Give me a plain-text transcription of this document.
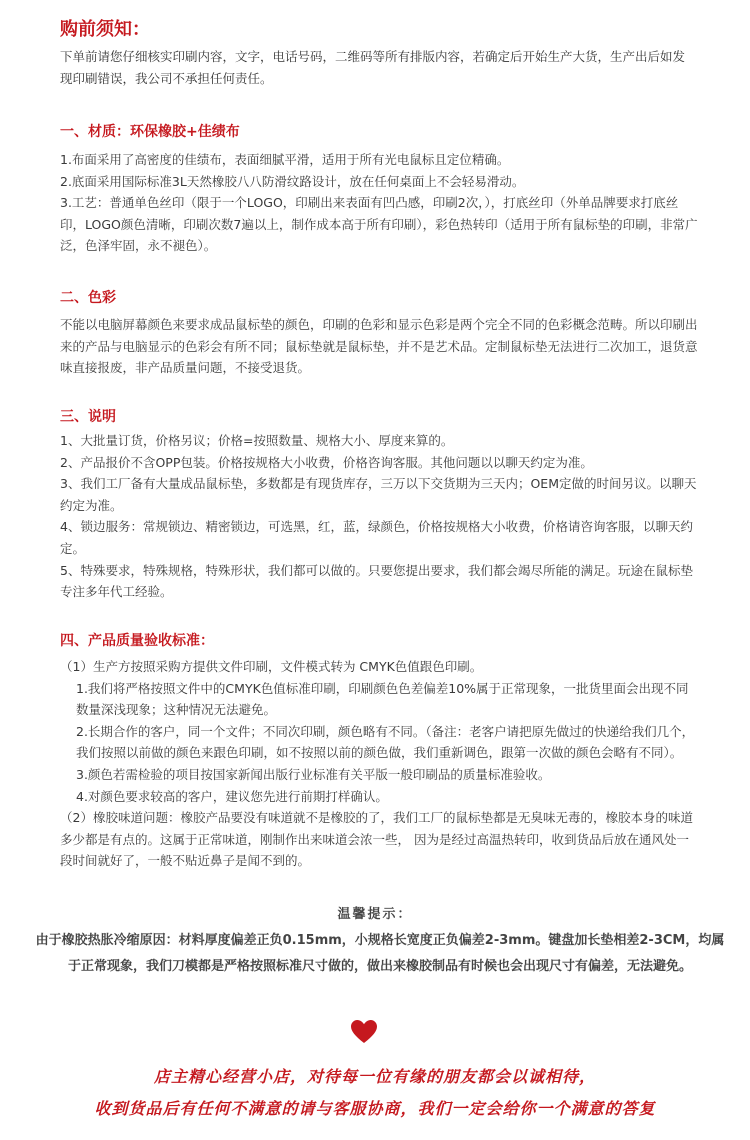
购前须知：
下单前请您仔细核实印刷内容，文字，电话号码，二维码等所有排版内容，若确定后开始生产大货，生产出后如发现印刷错误，我公司不承担任何责任。
一、材质：环保橡胶+佳绩布

1.布面采用了高密度的佳绩布，表面细腻平滑，适用于所有光电鼠标且定位精确。

2.底面采用国际标准3L天然橡胶八八防滑纹路设计，放在任何桌面上不会轻易滑动。

3.工艺：普通单色丝印（限于一个LOGO，印刷出来表面有凹凸感，印刷2次，），打底丝印（外单品牌要求打底丝印，LOGO颜色清晰，印刷次数7遍以上，制作成本高于所有印刷），彩色热转印（适用于所有鼠标垫的印刷，非常广泛，色泽牢固，永不褪色）。

二、色彩

不能以电脑屏幕颜色来要求成品鼠标垫的颜色，印刷的色彩和显示色彩是两个完全不同的色彩概念范畴。所以印刷出来的产品与电脑显示的色彩会有所不同；鼠标垫就是鼠标垫，并不是艺术品。定制鼠标垫无法进行二次加工，退货意味直接报废，非产品质量问题，不接受退货。

三、说明

1、大批量订货，价格另议；价格=按照数量、规格大小、厚度来算的。

2、产品报价不含OPP包装。价格按规格大小收费，价格咨询客服。其他问题以以聊天约定为准。

3、我们工厂备有大量成品鼠标垫，多数都是有现货库存，三万以下交货期为三天内；OEM定做的时间另议。以聊天约定为准。

4、锁边服务：常规锁边、精密锁边，可选黑，红，蓝，绿颜色，价格按规格大小收费，价格请咨询客服，以聊天约定。

5、特殊要求，特殊规格，特殊形状，我们都可以做的。只要您提出要求，我们都会竭尽所能的满足。玩途在鼠标垫专注多年代工经验。

四、产品质量验收标准：

（1）生产方按照采购方提供文件印刷，文件模式转为 CMYK色值跟色印刷。

1.我们将严格按照文件中的CMYK色值标准印刷，印刷颜色色差偏差10%属于正常现象，一批货里面会出现不同数量深浅现象；这种情况无法避免。

2.长期合作的客户，同一个文件；不同次印刷，颜色略有不同。（备注：老客户请把原先做过的快递给我们几个，我们按照以前做的颜色来跟色印刷，如不按照以前的颜色做，我们重新调色，跟第一次做的颜色会略有不同）。

3.颜色若需检验的项目按国家新闻出版行业标准有关平版一般印刷品的质量标准验收。

4.对颜色要求较高的客户，建议您先进行前期打样确认。

（2）橡胶味道问题：橡胶产品要没有味道就不是橡胶的了，我们工厂的鼠标垫都是无臭味无毒的，橡胶本身的味道多少都是有点的。这属于正常味道，刚制作出来味道会浓一些， 因为是经过高温热转印，收到货品后放在通风处一段时间就好了，一般不贴近鼻子是闻不到的。

温馨提示：
由于橡胶热胀冷缩原因：材料厚度偏差正负0.15mm，小规格长宽度正负偏差2-3mm。键盘加长垫相差2-3CM，均属于正常现象，我们刀模都是严格按照标准尺寸做的，做出来橡胶制品有时候也会出现尺寸有偏差，无法避免。
店主精心经营小店，对待每一位有缘的朋友都会以诚相待，
收到货品后有任何不满意的请与客服协商，我们一定会给你一个满意的答复
